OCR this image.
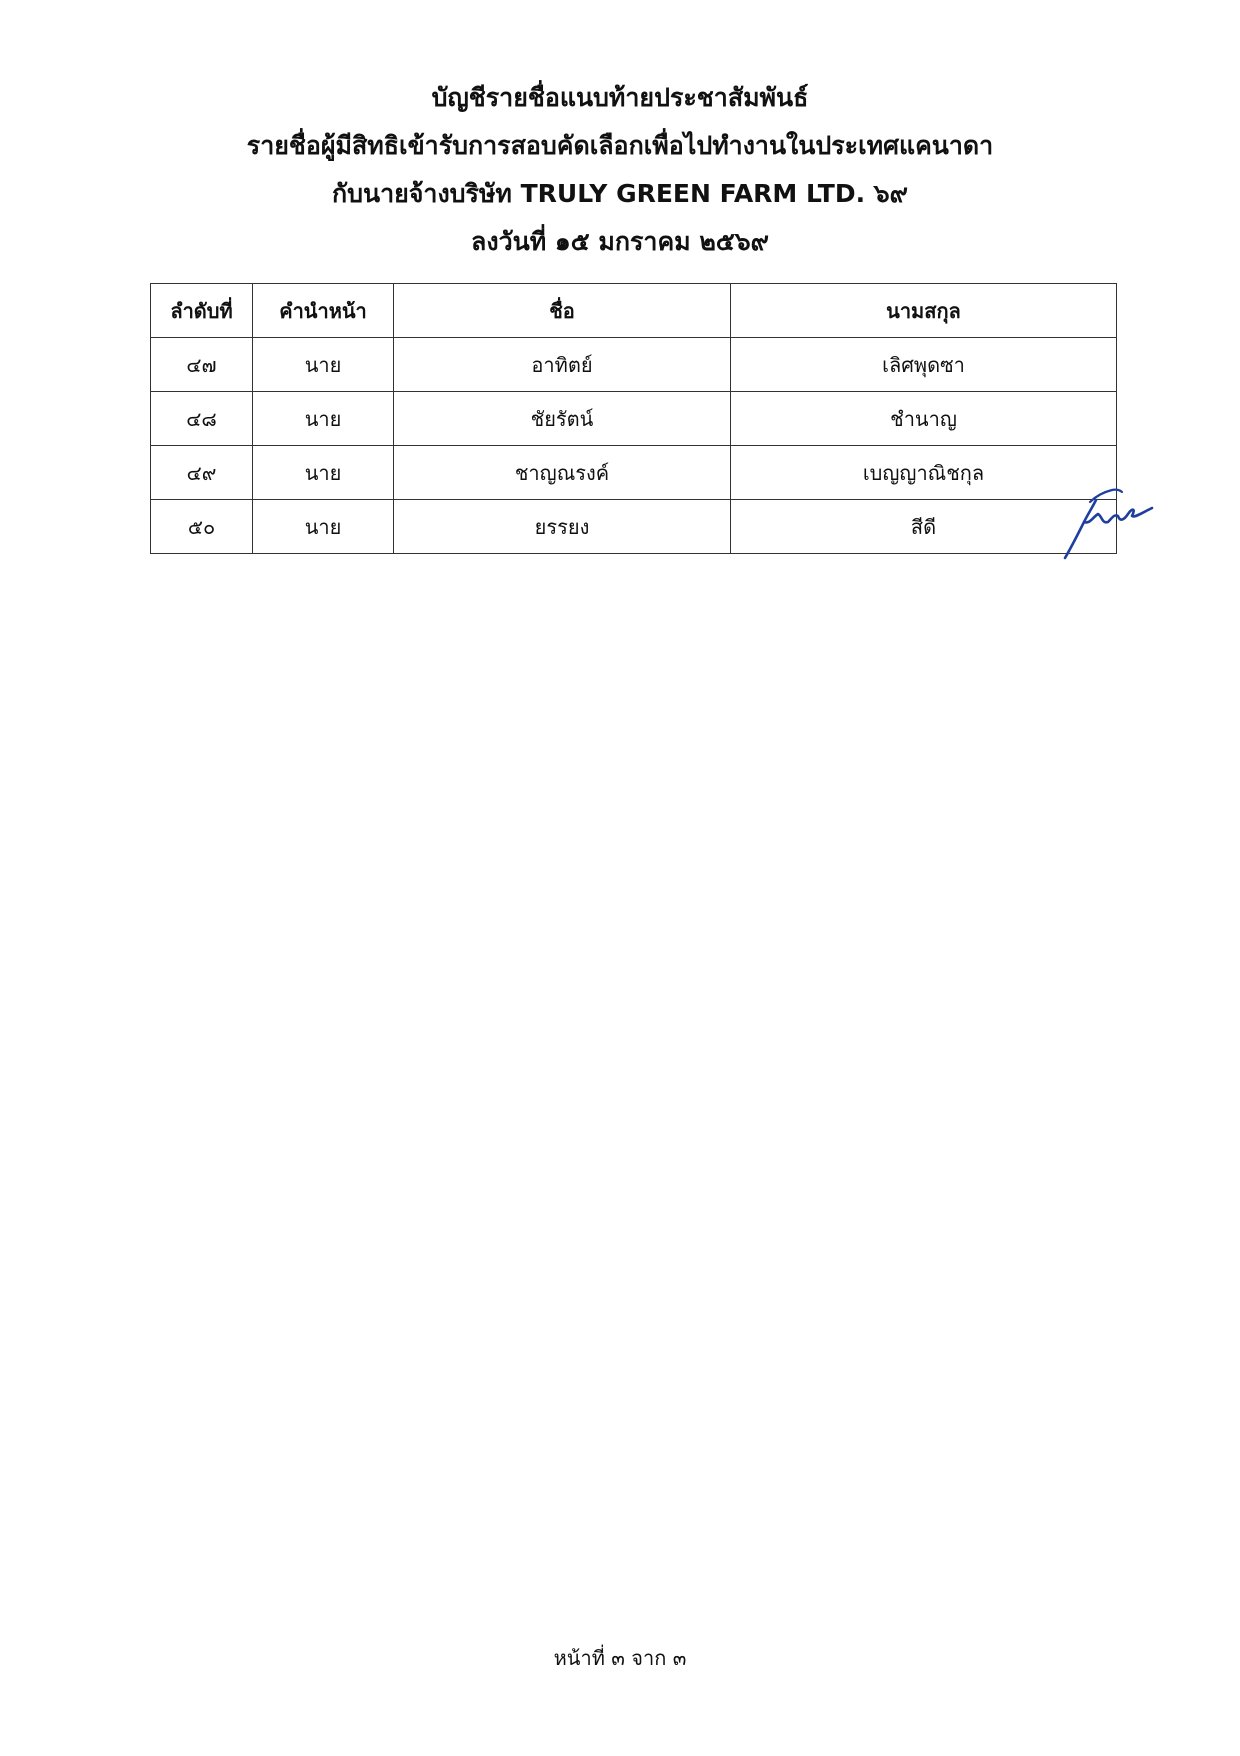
บัญชีรายชื่อแนบท้ายประชาสัมพันธ์
รายชื่อผู้มีสิทธิเข้ารับการสอบคัดเลือกเพื่อไปทำงานในประเทศแคนาดา
กับนายจ้างบริษัท TRULY GREEN FARM LTD. ๖๙
ลงวันที่ ๑๕ มกราคม ๒๕๖๙
ลำดับที่	คำนำหน้า	ชื่อ	นามสกุล
๔๗	นาย	อาทิตย์	เลิศพุดซา
๔๘	นาย	ชัยรัตน์	ชำนาญ
๔๙	นาย	ชาญณรงค์	เบญญาณิชกุล
๕๐	นาย	ยรรยง	สีดี
หน้าที่ ๓ จาก ๓
